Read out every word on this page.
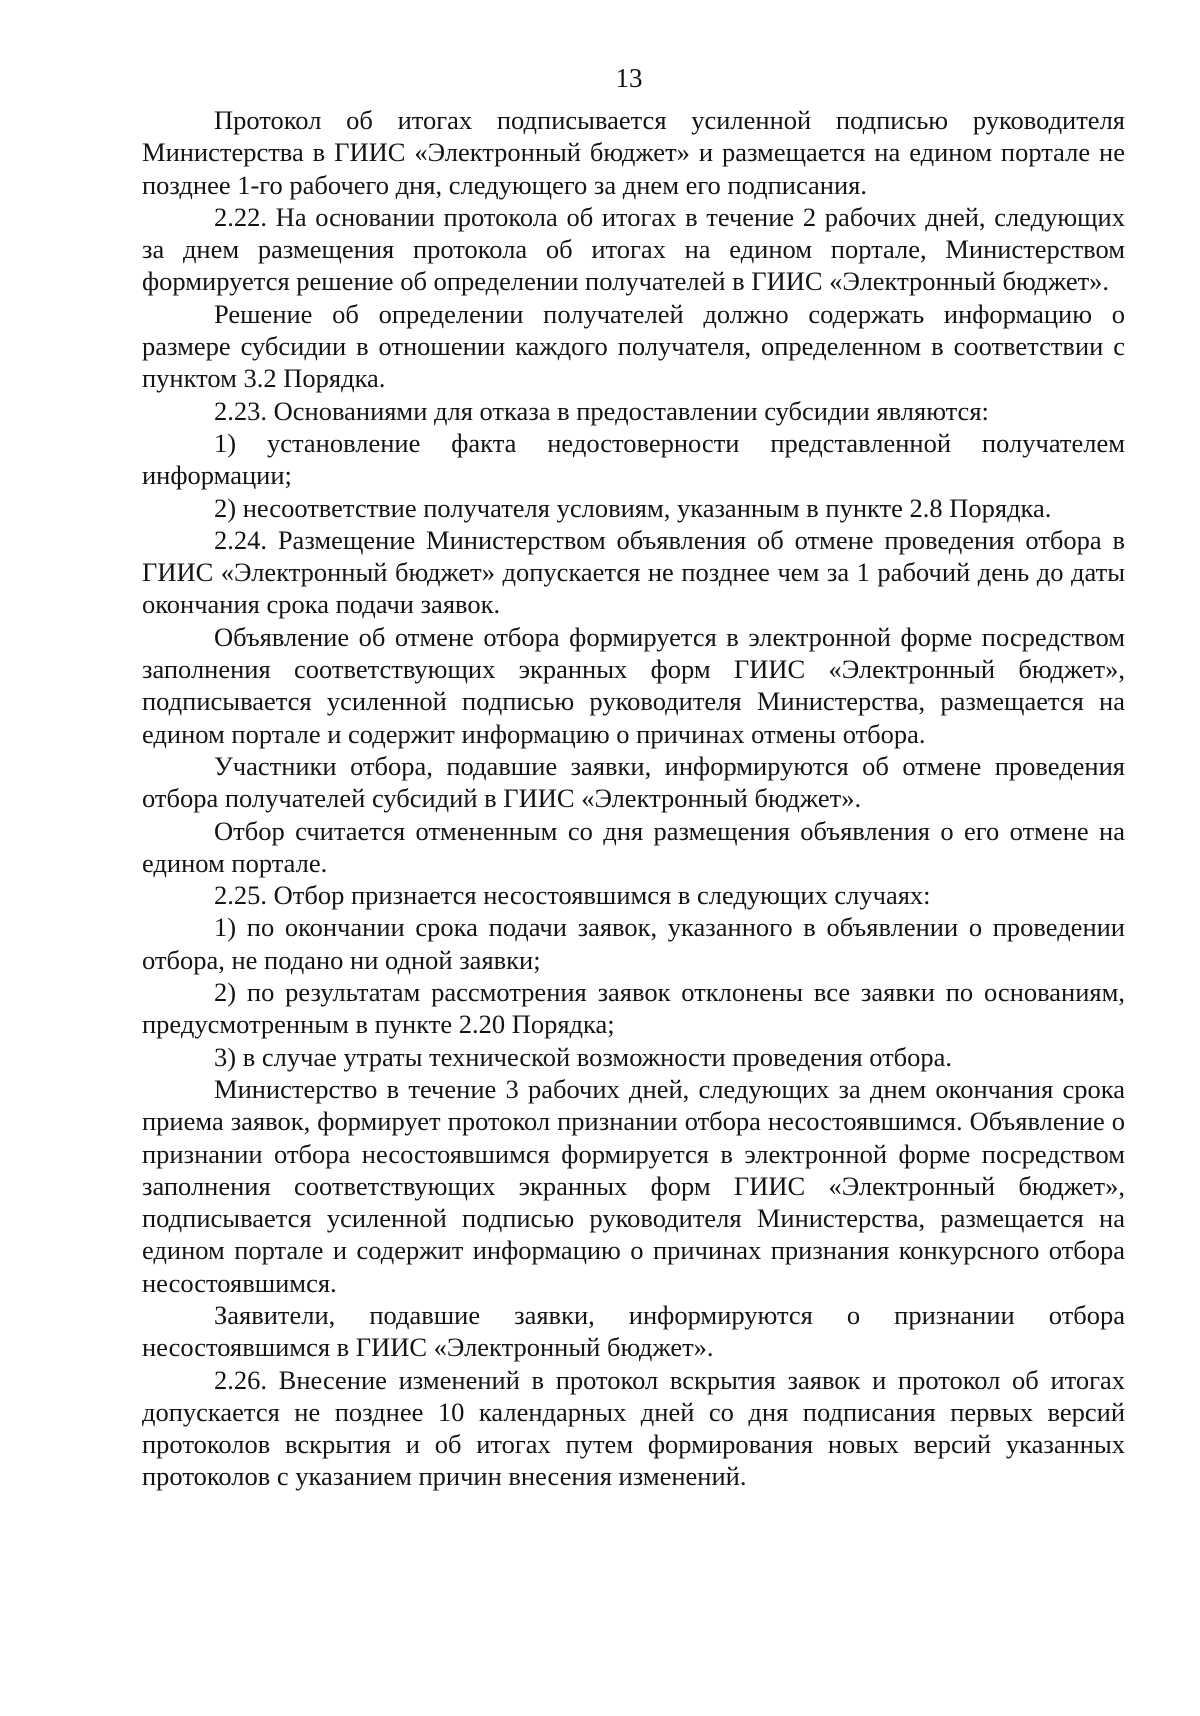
13

Протокол об итогах подписывается усиленной подписью руководителя Министерства в ГИИС «Электронный бюджет» и размещается на едином портале не позднее 1-го рабочего дня, следующего за днем его подписания.

2.22. На основании протокола об итогах в течение 2 рабочих дней, следующих за днем размещения протокола об итогах на едином портале, Министерством формируется решение об определении получателей в ГИИС «Электронный бюджет».

Решение об определении получателей должно содержать информацию о размере субсидии в отношении каждого получателя, определенном в соответствии с пунктом 3.2 Порядка.

2.23. Основаниями для отказа в предоставлении субсидии являются:

1) установление факта недостоверности представленной получателем информации;

2) несоответствие получателя условиям, указанным в пункте 2.8 Порядка.

2.24. Размещение Министерством объявления об отмене проведения отбора в ГИИС «Электронный бюджет» допускается не позднее чем за 1 рабочий день до даты окончания срока подачи заявок.

Объявление об отмене отбора формируется в электронной форме посредством заполнения соответствующих экранных форм ГИИС «Электронный бюджет», подписывается усиленной подписью руководителя Министерства, размещается на едином портале и содержит информацию о причинах отмены отбора.

Участники отбора, подавшие заявки, информируются об отмене проведения отбора получателей субсидий в ГИИС «Электронный бюджет».

Отбор считается отмененным со дня размещения объявления о его отмене на едином портале.

2.25. Отбор признается несостоявшимся в следующих случаях:

1) по окончании срока подачи заявок, указанного в объявлении о проведении отбора, не подано ни одной заявки;

2) по результатам рассмотрения заявок отклонены все заявки по основаниям, предусмотренным в пункте 2.20 Порядка;

3) в случае утраты технической возможности проведения отбора.

Министерство в течение 3 рабочих дней, следующих за днем окончания срока приема заявок, формирует протокол признании отбора несостоявшимся. Объявление о признании отбора несостоявшимся формируется в электронной форме посредством заполнения соответствующих экранных форм ГИИС «Электронный бюджет», подписывается усиленной подписью руководителя Министерства, размещается на едином портале и содержит информацию о причинах признания конкурсного отбора несостоявшимся.

Заявители, подавшие заявки, информируются о признании отбора несостоявшимся в ГИИС «Электронный бюджет».

2.26. Внесение изменений в протокол вскрытия заявок и протокол об итогах допускается не позднее 10 календарных дней со дня подписания первых версий протоколов вскрытия и об итогах путем формирования новых версий указанных протоколов с указанием причин внесения изменений.
